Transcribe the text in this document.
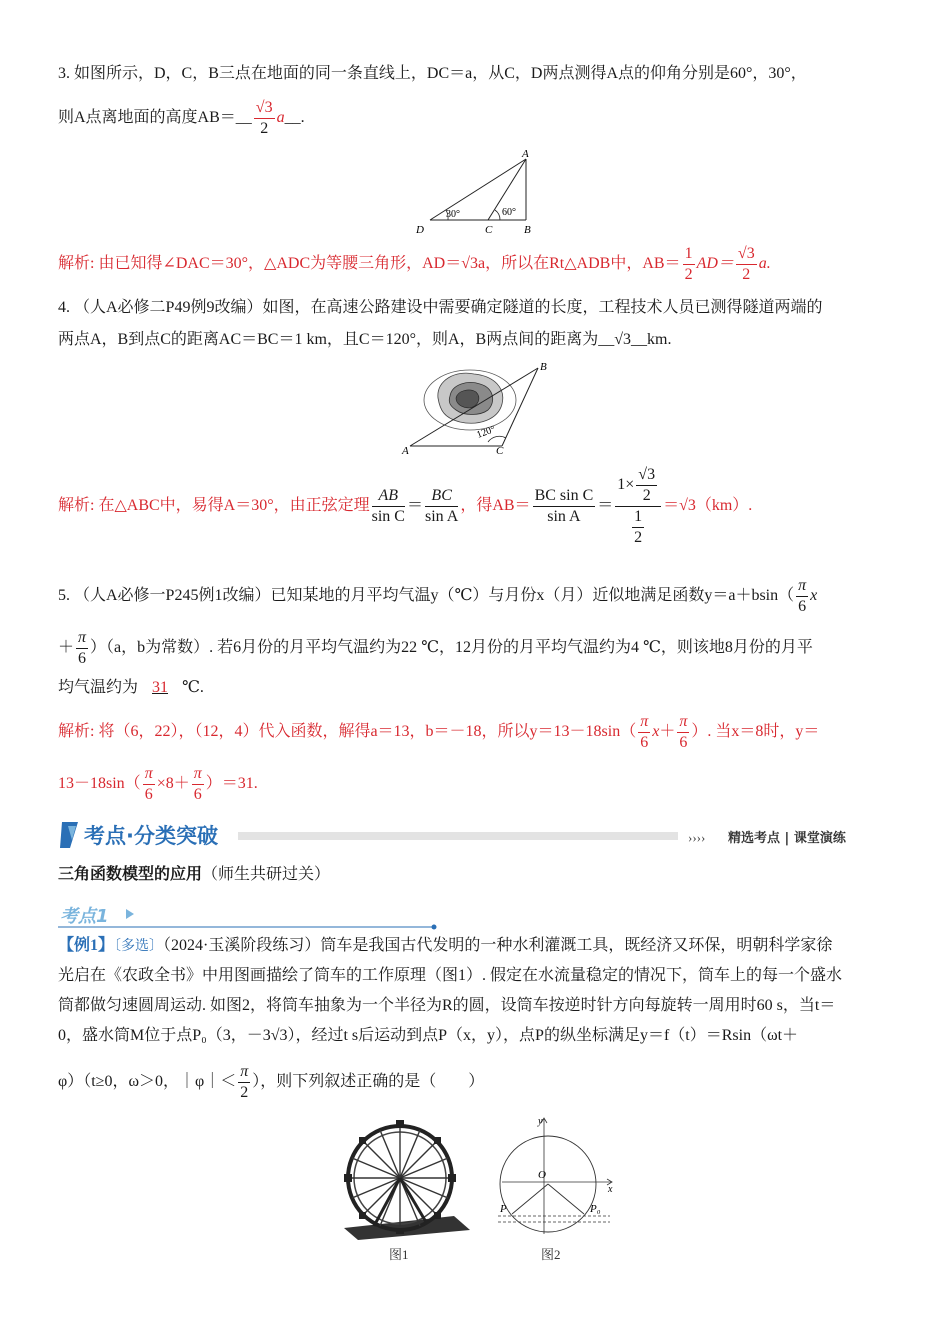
3. 如图所示，D，C，B三点在地面的同一条直线上，DC＝a，从C，D两点测得A点的仰角分别是60°，30°，
则A点离地面的高度AB＝__ $\frac{√3}{2}$ a__.
A
B
C
D
30°	60°
解析: 由已知得∠DAC＝30°，△ADC为等腰三角形，AD＝√3a，所以在Rt△ADB中，$AB= \frac{1}{2} AD= \frac{√3}{2} a$.
4. （人A必修二P49例9改编）如图，在高速公路建设中需要确定隧道的长度，工程技术人员已测得隧道两端的
两点A，B到点C的距离AC＝BC＝1 km，且C＝120°，则A，B两点间的距离为__√3__km.
B
A	C
120°
解析: 在△ABC中，易得A＝30°，由正弦定理 $\frac{AB}{\text{sin C}} = \frac{BC}{\text{sin A}}$ ，得$AB= \frac{\text{BC sin C}}{\text{sin A}} = \frac{1\times \frac{√3}{2}}{\frac{1}{2}} =√3(km)$.
5. （人A必修一P245例1改编）已知某地的月平均气温y（℃）与月份x（月）近似地满足函数$y=a+bsin( \frac{\pi}{6}$ x
＋ $\frac{\pi}{6} )(a$，b为常数）. 若6月份的月平均气温约为22 ℃，12月份的月平均气温约为4 ℃，则该地8月份的月平
均气温约为 31 ℃.
解析: 将（6，22），（12，4）代入函数，解得a＝13，b＝－18，所以$y=13-18\sin( \frac{\pi}{6} x+ \frac{\pi}{6}$ ）. 当x＝8时，y＝
$13-18\sin( \frac{\pi}{6} \times 8+ \frac{\pi}{6} )=31$.
››››
考点·分类突破	精选考点 | 课堂演练
三角函数模型的应用（师生共研过关）
考点1
【例1】〔多选〕（2024·玉溪阶段练习）筒车是我国古代发明的一种水利灌溉工具，既经济又环保，明朝科学家徐
光启在《农政全书》中用图画描绘了筒车的工作原理（图1）. 假定在水流量稳定的情况下，筒车上的每一个盛水
筒都做匀速圆周运动. 如图2，将筒车抽象为一个半径为R的圆，设筒车按逆时针方向每旋转一周用时60 s，当t＝
0，盛水筒M位于点P₀（3，－3√3），经过t s后运动到点P（x，y），点P的纵坐标满足y＝f（t）＝Rsin（ωt＋
φ）（t≥0，ω＞0，｜φ｜＜ $\frac{\pi}{2}$ ），则下列叙述正确的是（　　）
图1
y
x
O
P	P₀
图2
